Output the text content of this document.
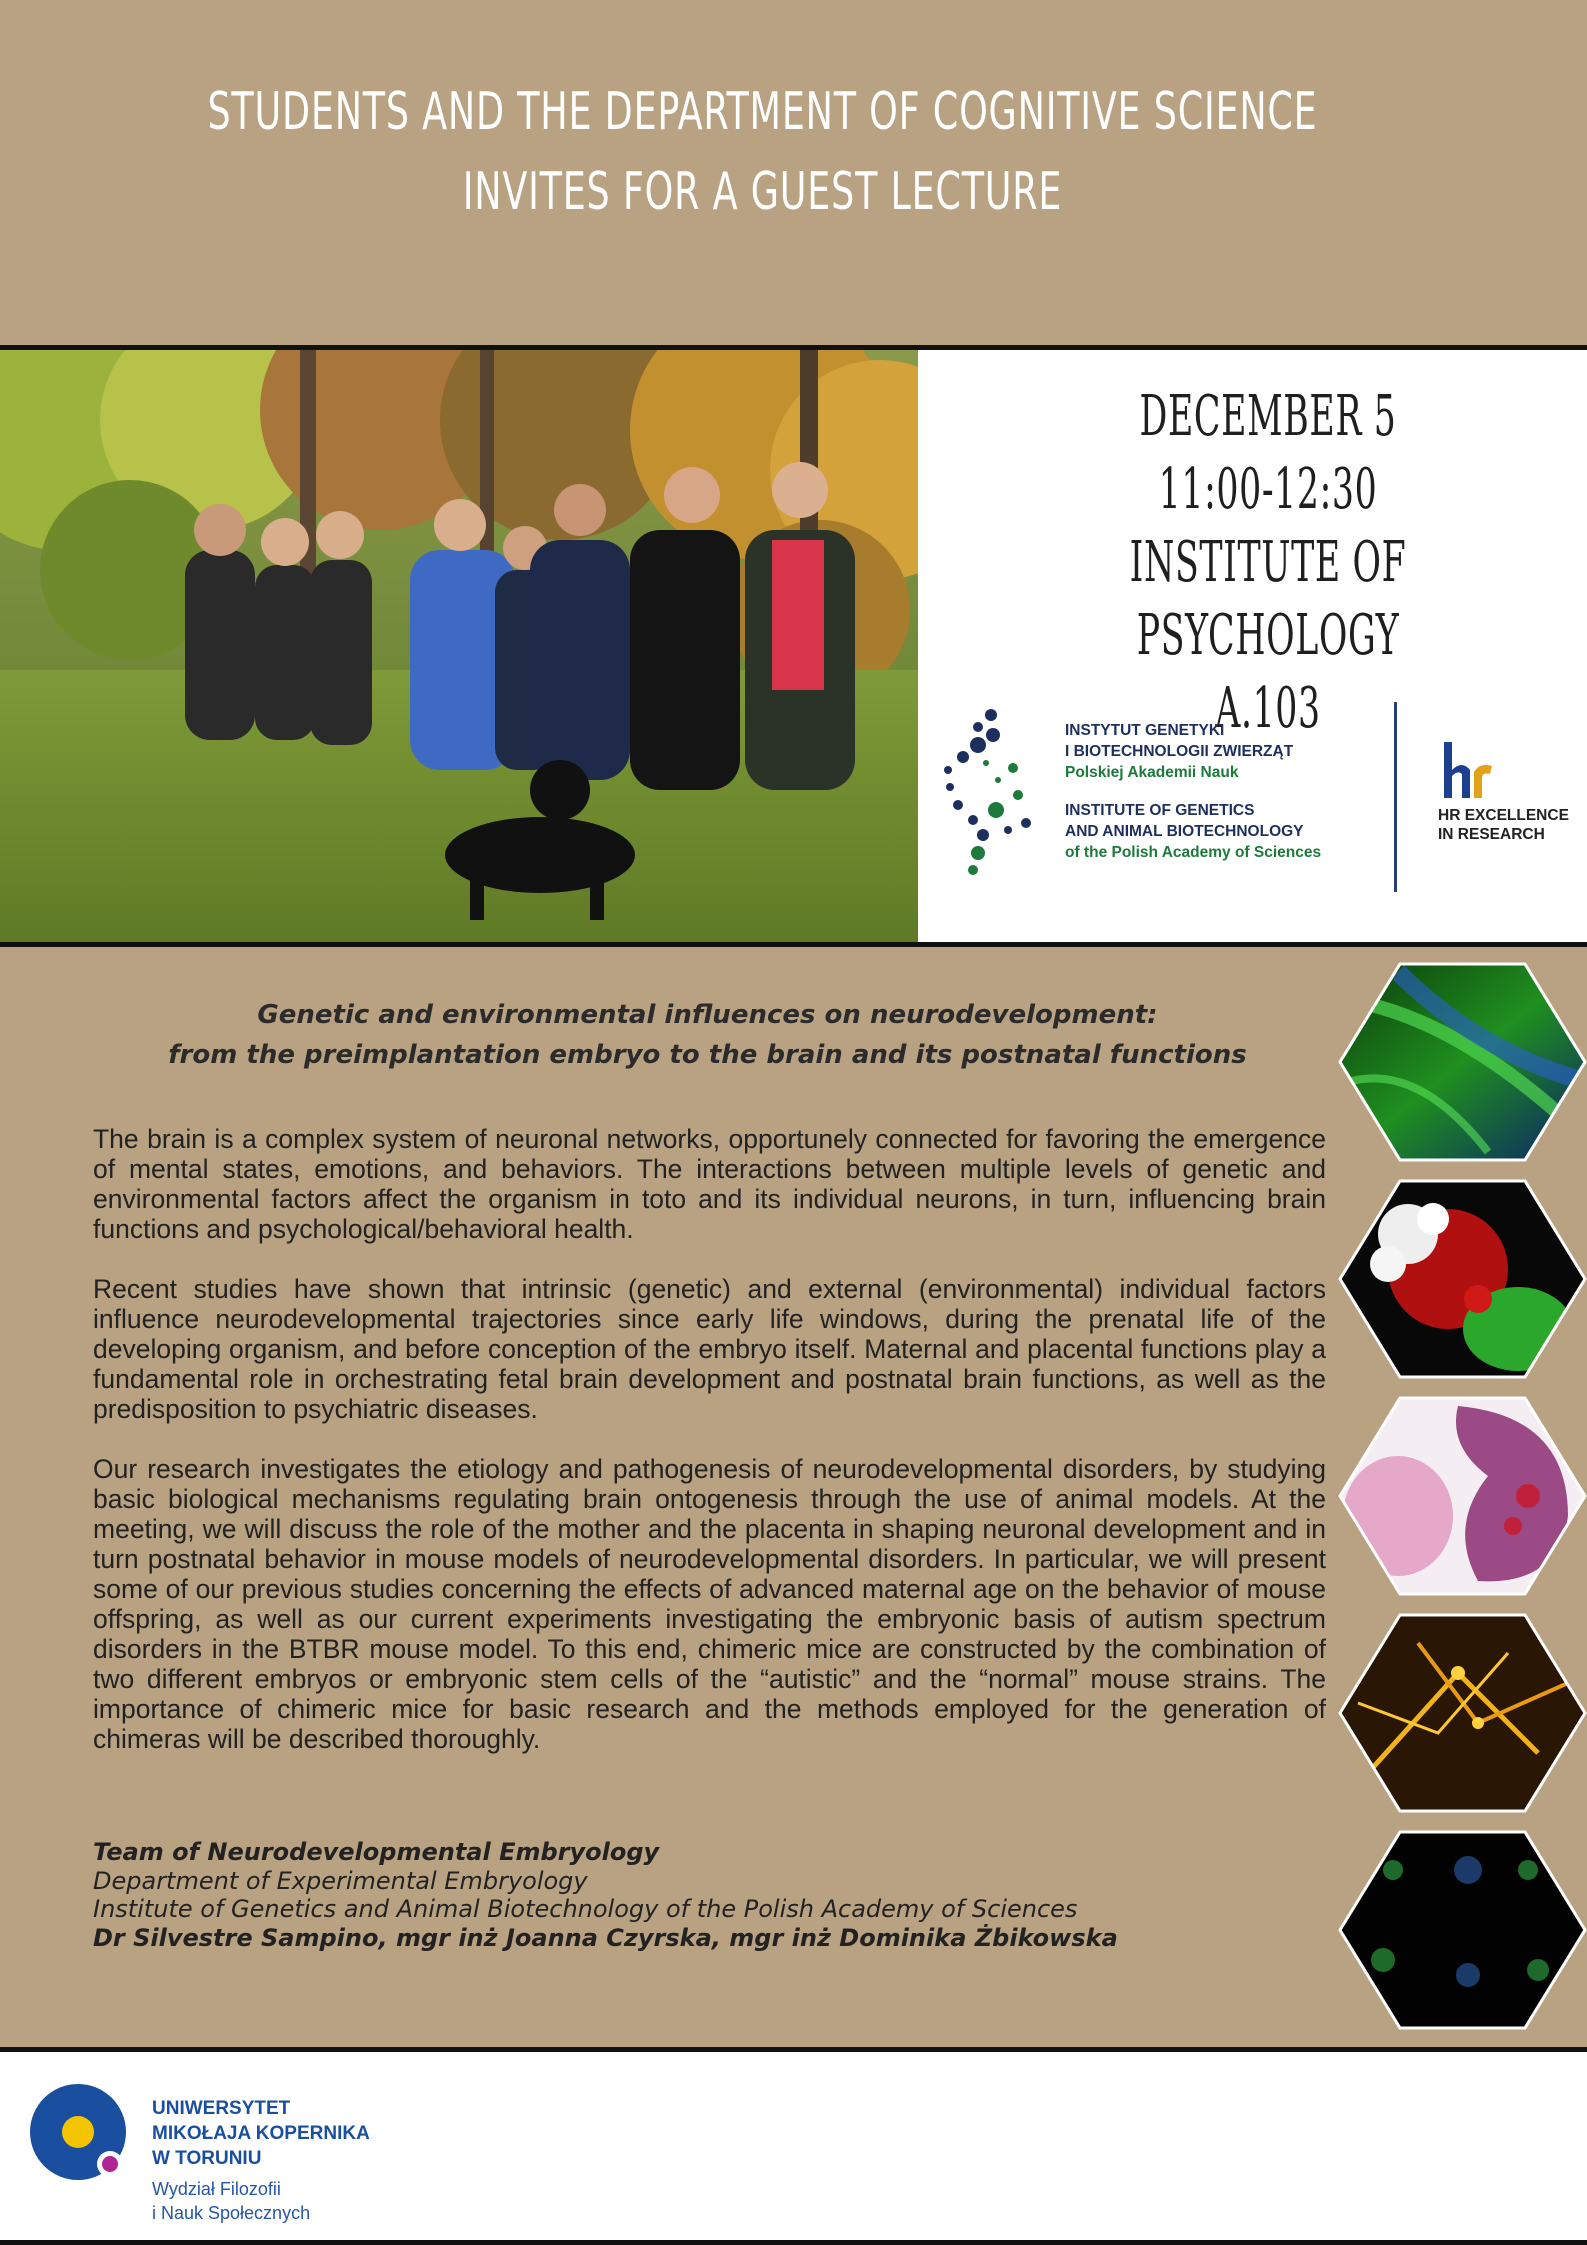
STUDENTS AND THE DEPARTMENT OF COGNITIVE SCIENCE
INVITES FOR A GUEST LECTURE
DECEMBER 5
11:00-12:30
INSTITUTE OF PSYCHOLOGY
A.103
INSTYTUT GENETYKI
I BIOTECHNOLOGII ZWIERZĄT
Polskiej Akademii Nauk
INSTITUTE OF GENETICS
AND ANIMAL BIOTECHNOLOGY
of the Polish Academy of Sciences
HR EXCELLENCE
IN RESEARCH
Genetic and environmental influences on neurodevelopment:
from the preimplantation embryo to the brain and its postnatal functions

The brain is a complex system of neuronal networks, opportunely connected for favoring the emergence of mental states, emotions, and behaviors. The interactions between multiple levels of genetic and environmental factors affect the organism in toto and its individual neurons, in turn, influencing brain functions and psychological/behavioral health.

Recent studies have shown that intrinsic (genetic) and external (environmental) individual factors influence neurodevelopmental trajectories since early life windows, during the prenatal life of the developing organism, and before conception of the embryo itself. Maternal and placental functions play a fundamental role in orchestrating fetal brain development and postnatal brain functions, as well as the predisposition to psychiatric diseases.

Our research investigates the etiology and pathogenesis of neurodevelopmental disorders, by studying basic biological mechanisms regulating brain ontogenesis through the use of animal models. At the meeting, we will discuss the role of the mother and the placenta in shaping neuronal development and in turn postnatal behavior in mouse models of neurodevelopmental disorders. In particular, we will present some of our previous studies concerning the effects of advanced maternal age on the behavior of mouse offspring, as well as our current experiments investigating the embryonic basis of autism spectrum disorders in the BTBR mouse model. To this end, chimeric mice are constructed by the combination of two different embryos or embryonic stem cells of the “autistic” and the “normal” mouse strains. The importance of chimeric mice for basic research and the methods employed for the generation of chimeras will be described thoroughly.

Team of Neurodevelopmental Embryology
Department of Experimental Embryology
Institute of Genetics and Animal Biotechnology of the Polish Academy of Sciences
Dr Silvestre Sampino, mgr inż Joanna Czyrska, mgr inż Dominika Żbikowska
UNIWERSYTET
MIKOŁAJA KOPERNIKA
W TORUNIU
Wydział Filozofii
i Nauk Społecznych
